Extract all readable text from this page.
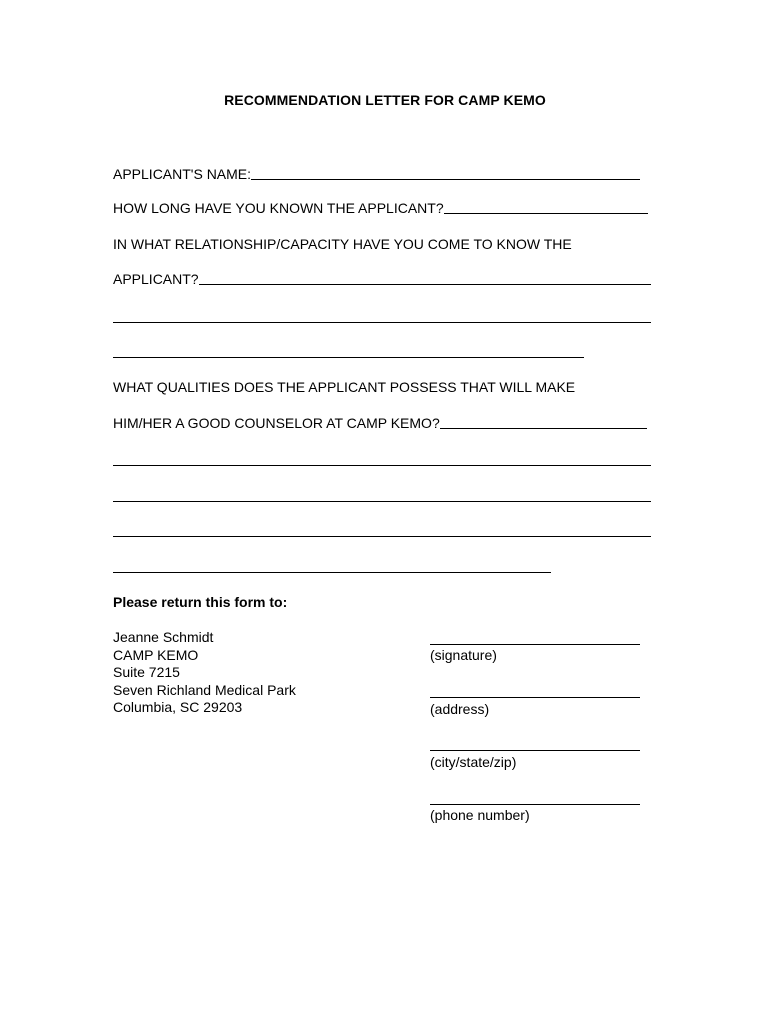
RECOMMENDATION LETTER FOR CAMP KEMO
APPLICANT'S NAME:
HOW LONG HAVE YOU KNOWN THE APPLICANT?
IN WHAT RELATIONSHIP/CAPACITY HAVE YOU COME TO KNOW THE
APPLICANT?
WHAT QUALITIES DOES THE APPLICANT POSSESS THAT WILL MAKE
HIM/HER A GOOD COUNSELOR AT CAMP KEMO?
Please return this form to:
Jeanne Schmidt
CAMP KEMO
Suite 7215
Seven Richland Medical Park
Columbia, SC 29203
(signature)
(address)
(city/state/zip)
(phone number)
